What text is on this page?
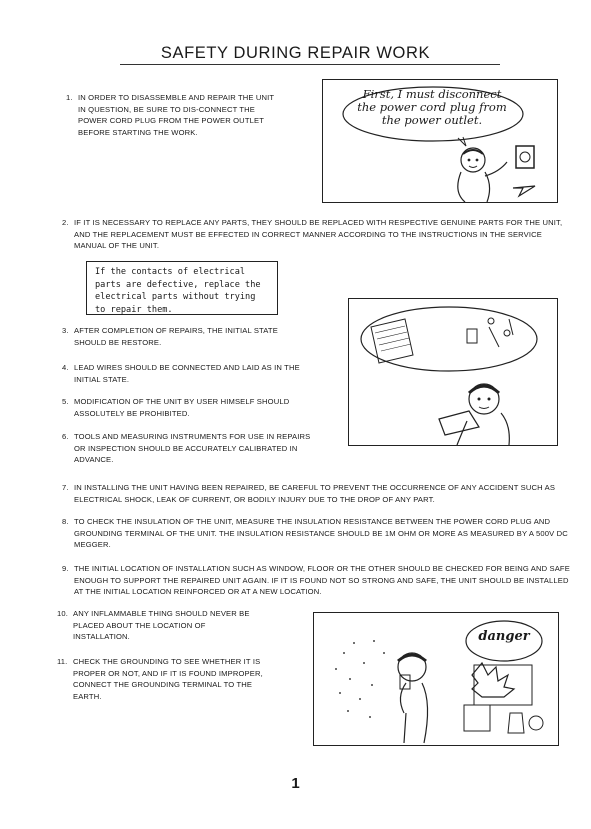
SAFETY DURING REPAIR WORK
1. IN ORDER TO DISASSEMBLE AND REPAIR THE UNIT IN QUESTION, BE SURE TO DIS-CONNECT THE POWER CORD PLUG FROM THE POWER OUTLET BEFORE STARTING THE WORK.
First, I must disconnect the power cord plug from the power outlet.
2. IF IT IS NECESSARY TO REPLACE ANY PARTS, THEY SHOULD BE REPLACED WITH RESPECTIVE GENUINE PARTS FOR THE UNIT, AND THE REPLACEMENT MUST BE EFFECTED IN CORRECT MANNER ACCORDING TO THE INSTRUCTIONS IN THE SERVICE MANUAL OF THE UNIT.
If the contacts of electrical parts are defective, replace the electrical parts without trying to repair them.
3. AFTER COMPLETION OF REPAIRS, THE INITIAL STATE SHOULD BE RESTORE.
4. LEAD WIRES SHOULD BE CONNECTED AND LAID AS IN THE INITIAL STATE.
5. MODIFICATION OF THE UNIT BY USER HIMSELF SHOULD ASSOLUTELY BE PROHIBITED.
6. TOOLS AND MEASURING INSTRUMENTS FOR USE IN REPAIRS OR INSPECTION SHOULD BE ACCURATELY CALIBRATED IN ADVANCE.
7. IN INSTALLING THE UNIT HAVING BEEN REPAIRED, BE CAREFUL TO PREVENT THE OCCURRENCE OF ANY ACCIDENT SUCH AS ELECTRICAL SHOCK, LEAK OF CURRENT, OR BODILY INJURY DUE TO THE DROP OF ANY PART.
8. TO CHECK THE INSULATION OF THE UNIT, MEASURE THE INSULATION RESISTANCE BETWEEN THE POWER CORD PLUG AND GROUNDING TERMINAL OF THE UNIT. THE INSULATION RESISTANCE SHOULD BE 1M OHM OR MORE AS MEASURED BY A 500V DC MEGGER.
9. THE INITIAL LOCATION OF INSTALLATION SUCH AS WINDOW, FLOOR OR THE OTHER SHOULD BE CHECKED FOR BEING AND SAFE ENOUGH TO SUPPORT THE REPAIRED UNIT AGAIN. IF IT IS FOUND NOT SO STRONG AND SAFE, THE UNIT SHOULD BE INSTALLED AT THE INITIAL LOCATION REINFORCED OR AT A NEW LOCATION.
10. ANY INFLAMMABLE THING SHOULD NEVER BE PLACED ABOUT THE LOCATION OF INSTALLATION.
11. CHECK THE GROUNDING TO SEE WHETHER IT IS PROPER OR NOT, AND IF IT IS FOUND IMPROPER, CONNECT THE GROUNDING TERMINAL TO THE EARTH.
danger
1
